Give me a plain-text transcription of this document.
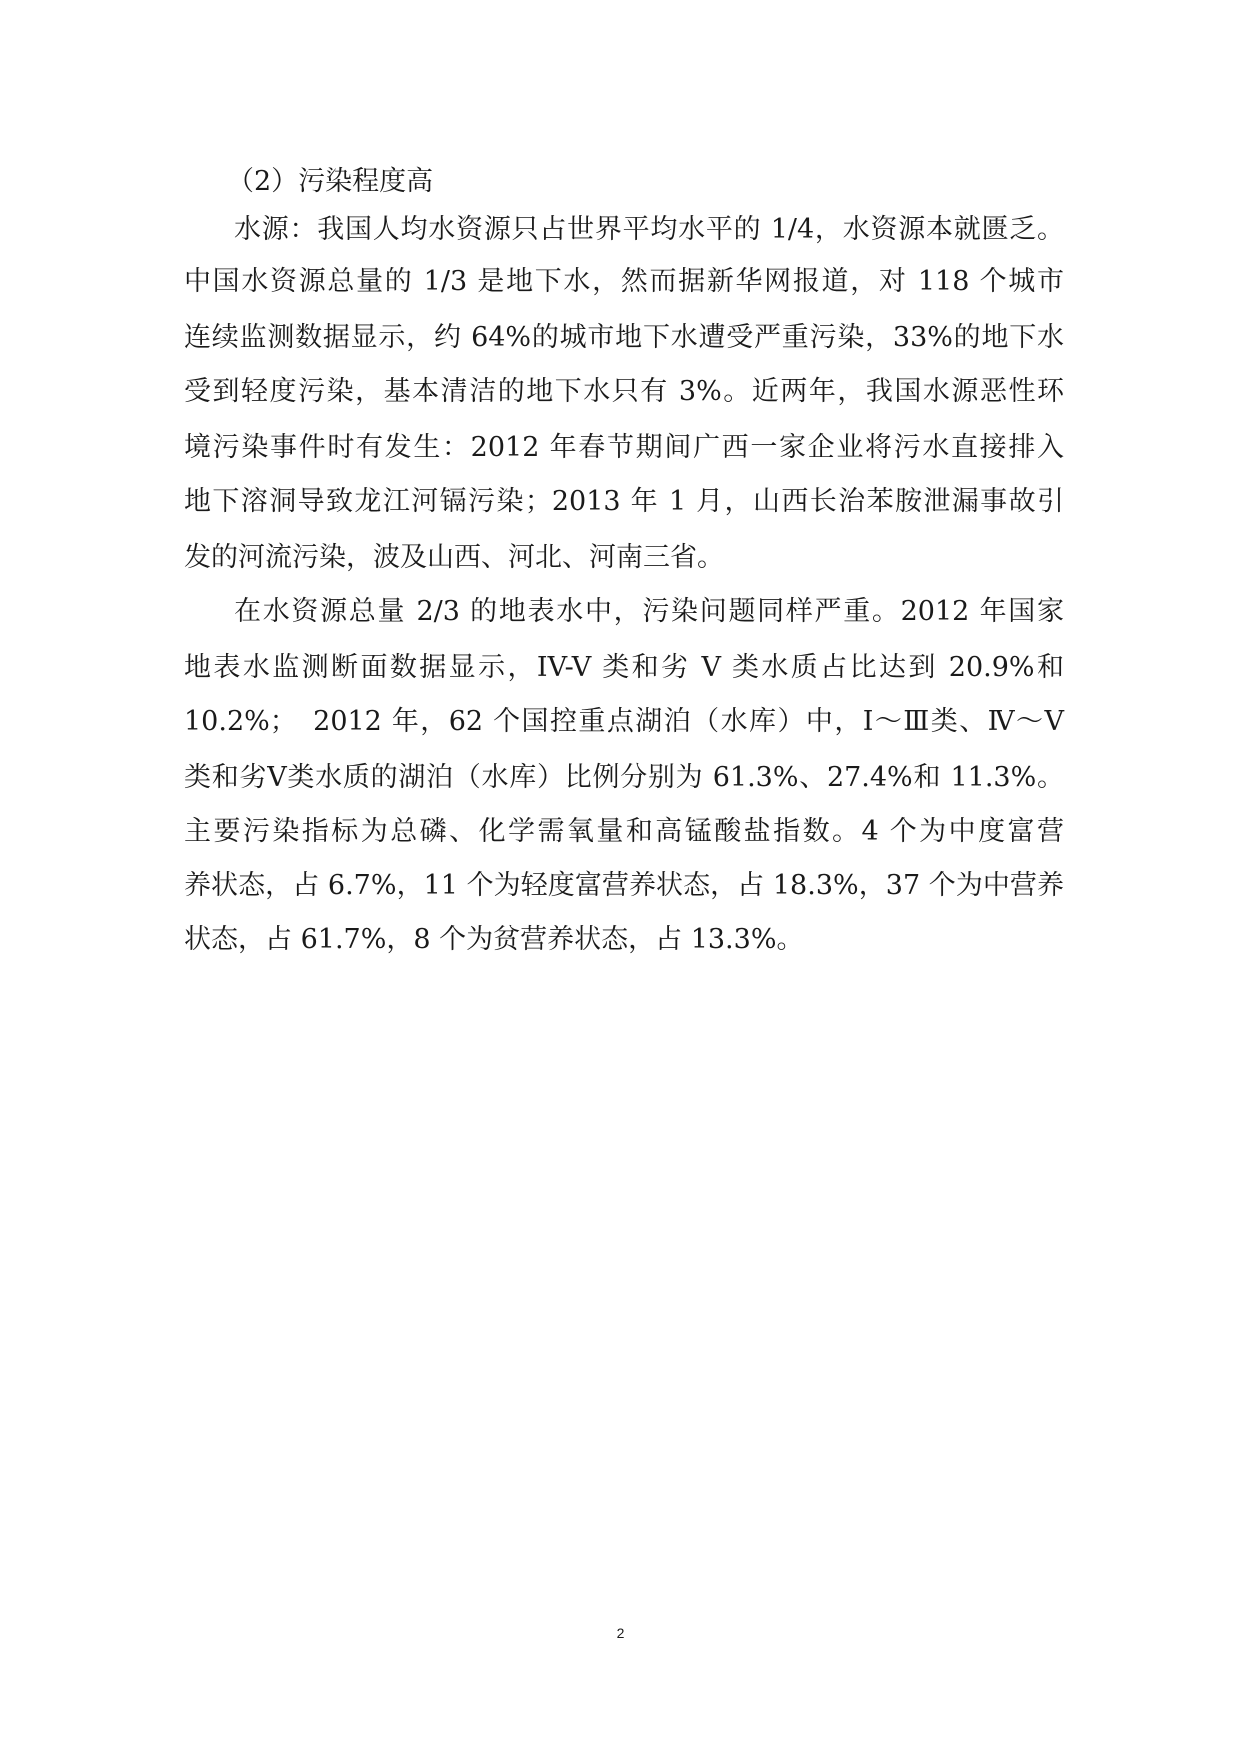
（2）污染程度高
水源：我国人均水资源只占世界平均水平的 1/4，水资源本就匮乏。
中国水资源总量的 1/3 是地下水，然而据新华网报道，对 118 个城市
连续监测数据显示，约 64%的城市地下水遭受严重污染，33%的地下水
受到轻度污染，基本清洁的地下水只有 3%。近两年，我国水源恶性环
境污染事件时有发生：2012 年春节期间广西一家企业将污水直接排入
地下溶洞导致龙江河镉污染；2013 年 1 月，山西长治苯胺泄漏事故引
发的河流污染，波及山西、河北、河南三省。
在水资源总量 2/3 的地表水中，污染问题同样严重。2012 年国家
地表水监测断面数据显示，IV-V 类和劣 V 类水质占比达到 20.9%和
10.2%；　2012 年，62 个国控重点湖泊（水库）中，Ⅰ～Ⅲ类、Ⅳ～Ⅴ
类和劣Ⅴ类水质的湖泊（水库）比例分别为 61.3%、27.4%和 11.3%。
主要污染指标为总磷、化学需氧量和高锰酸盐指数。4 个为中度富营
养状态，占 6.7%，11 个为轻度富营养状态，占 18.3%，37 个为中营养
状态，占 61.7%，8 个为贫营养状态，占 13.3%。
2
